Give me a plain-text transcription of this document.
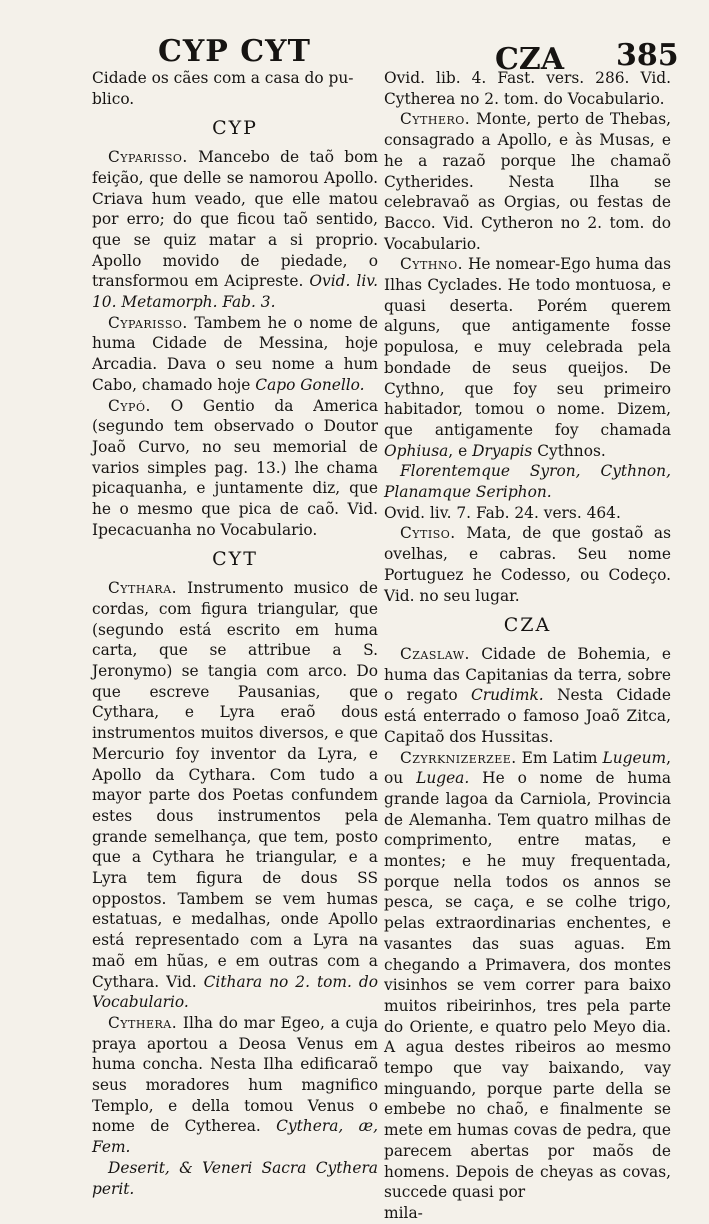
CYP CYT	CZA 385

Cidade os cães com a casa do pu-
blico.

CYP

Cyparisso. Mancebo de taõ bom feição, que delle se namorou Apollo. Criava hum veado, que elle matou por erro; do que ficou taõ sentido, que se quiz matar a si proprio. Apollo movido de piedade, o transformou em Acipreste. Ovid. liv. 10. Metamorph. Fab. 3.

Cyparisso. Tambem he o nome de huma Cidade de Messina, hoje Arcadia. Dava o seu nome a hum Cabo, chamado hoje Capo Gonello.

Cypó. O Gentio da America (segundo tem observado o Doutor Joaõ Curvo, no seu memorial de varios simples pag. 13.) lhe chama picaquanha, e juntamente diz, que he o mesmo que pica de caõ. Vid. Ipecacuanha no Vocabulario.

CYT

Cythara. Instrumento musico de cordas, com figura triangular, que (segundo está escrito em huma carta, que se attribue a S. Jeronymo) se tangia com arco. Do que escreve Pausanias, que Cythara, e Lyra eraõ dous instrumentos muitos diversos, e que Mercurio foy inventor da Lyra, e Apollo da Cythara. Com tudo a mayor parte dos Poetas confundem estes dous instrumentos pela grande semelhança, que tem, posto que a Cythara he triangular, e a Lyra tem figura de dous SS oppostos. Tambem se vem humas estatuas, e medalhas, onde Apollo está representado com a Lyra na maõ em hũas, e em outras com a Cythara. Vid. Cithara no 2. tom. do Vocabulario.

Cythera. Ilha do mar Egeo, a cuja praya aportou a Deosa Venus em huma concha. Nesta Ilha edificaraõ seus moradores hum magnifico Templo, e della tomou Venus o nome de Cytherea. Cythera, æ, Fem.

Deserit, & Veneri Sacra Cythera perit.

Ovid. lib. 4. Fast. vers. 286. Vid. Cytherea no 2. tom. do Vocabulario.

Cythero. Monte, perto de Thebas, consagrado a Apollo, e às Musas, e he a razaõ porque lhe chamaõ Cytherides. Nesta Ilha se celebravaõ as Orgias, ou festas de Bacco. Vid. Cytheron no 2. tom. do Vocabulario.

Cythno. He nomear-Ego huma das Ilhas Cyclades. He todo montuosa, e quasi deserta. Porém querem alguns, que antigamente fosse populosa, e muy celebrada pela bondade de seus queijos. De Cythno, que foy seu primeiro habitador, tomou o nome. Dizem, que antigamente foy chamada Ophiusa, e Dryapis Cythnos.

Florentemque Syron, Cythnon, Planamque Seriphon.

Ovid. liv. 7. Fab. 24. vers. 464.

Cytiso. Mata, de que gostaõ as ovelhas, e cabras. Seu nome Portuguez he Codesso, ou Codeço. Vid. no seu lugar.

CZA

Czaslaw. Cidade de Bohemia, e huma das Capitanias da terra, sobre o regato Crudimk. Nesta Cidade está enterrado o famoso Joaõ Zitca, Capitaõ dos Hussitas.

Czyrknizerzee. Em Latim Lugeum, ou Lugea. He o nome de huma grande lagoa da Carniola, Provincia de Alemanha. Tem quatro milhas de comprimento, entre matas, e montes; e he muy frequentada, porque nella todos os annos se pesca, se caça, e se colhe trigo, pelas extraordinarias enchentes, e vasantes das suas aguas. Em chegando a Primavera, dos montes visinhos se vem correr para baixo muitos ribeirinhos, tres pela parte do Oriente, e quatro pelo Meyo dia. A agua destes ribeiros ao mesmo tempo que vay baixando, vay minguando, porque parte della se embebe no chaõ, e finalmente se mete em humas covas de pedra, que parecem abertas por maõs de homens. Depois de cheyas as covas, succede quasi por

mila-
